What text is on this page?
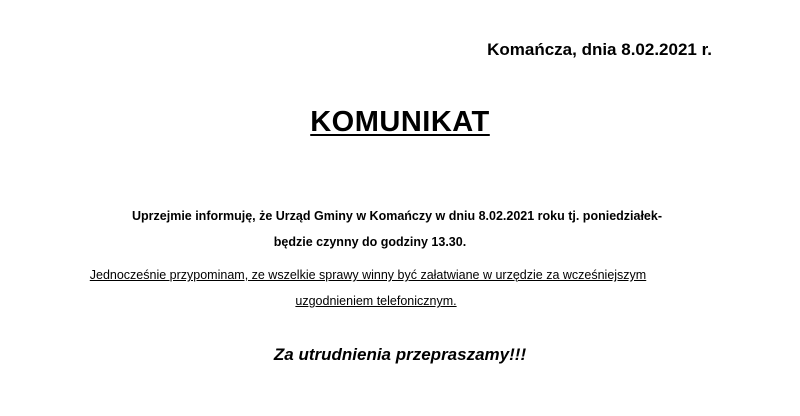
Komańcza, dnia 8.02.2021 r.
KOMUNIKAT
Uprzejmie informuję, że Urząd Gminy w Komańczy w dniu 8.02.2021 roku tj. poniedziałek-
będzie czynny do godziny 13.30.
Jednocześnie przypominam, ze wszelkie sprawy winny być załatwiane w urzędzie za wcześniejszym
uzgodnieniem telefonicznym.
Za utrudnienia przepraszamy!!!
